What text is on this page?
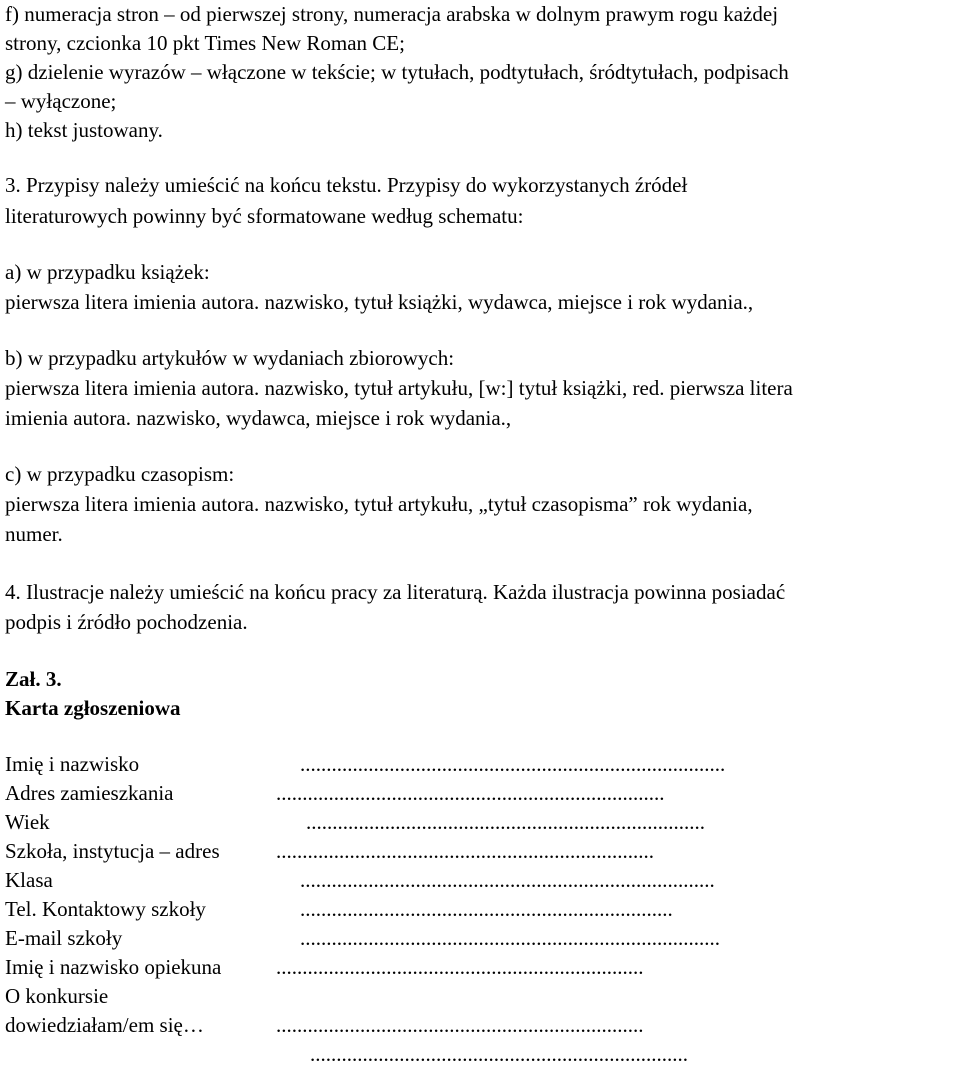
f) numeracja stron – od pierwszej strony, numeracja arabska w dolnym prawym rogu każdej
strony, czcionka 10 pkt Times New Roman CE;
g) dzielenie wyrazów – włączone w tekście; w tytułach, podtytułach, śródtytułach, podpisach
– wyłączone;
h) tekst justowany.
3. Przypisy należy umieścić na końcu tekstu. Przypisy do wykorzystanych źródeł
literaturowych powinny być sformatowane według schematu:
a) w przypadku książek:
pierwsza litera imienia autora. nazwisko, tytuł książki, wydawca, miejsce i rok wydania.,
b) w przypadku artykułów w wydaniach zbiorowych:
pierwsza litera imienia autora. nazwisko, tytuł artykułu, [w:] tytuł książki, red. pierwsza litera
imienia autora. nazwisko, wydawca, miejsce i rok wydania.,
c) w przypadku czasopism:
pierwsza litera imienia autora. nazwisko, tytuł artykułu, „tytuł czasopisma” rok wydania,
numer.
4. Ilustracje należy umieścić na końcu pracy za literaturą. Każda ilustracja powinna posiadać
podpis i źródło pochodzenia.
Zał. 3.
Karta zgłoszeniowa
Imię i nazwisko	.................................................................................
Adres zamieszkania	..........................................................................
Wiek	............................................................................
Szkoła, instytucja – adres	........................................................................
Klasa	...............................................................................
Tel. Kontaktowy szkoły	.......................................................................
E-mail szkoły	................................................................................
Imię i nazwisko opiekuna	......................................................................
O konkursie
dowiedziałam/em się…	......................................................................
........................................................................
